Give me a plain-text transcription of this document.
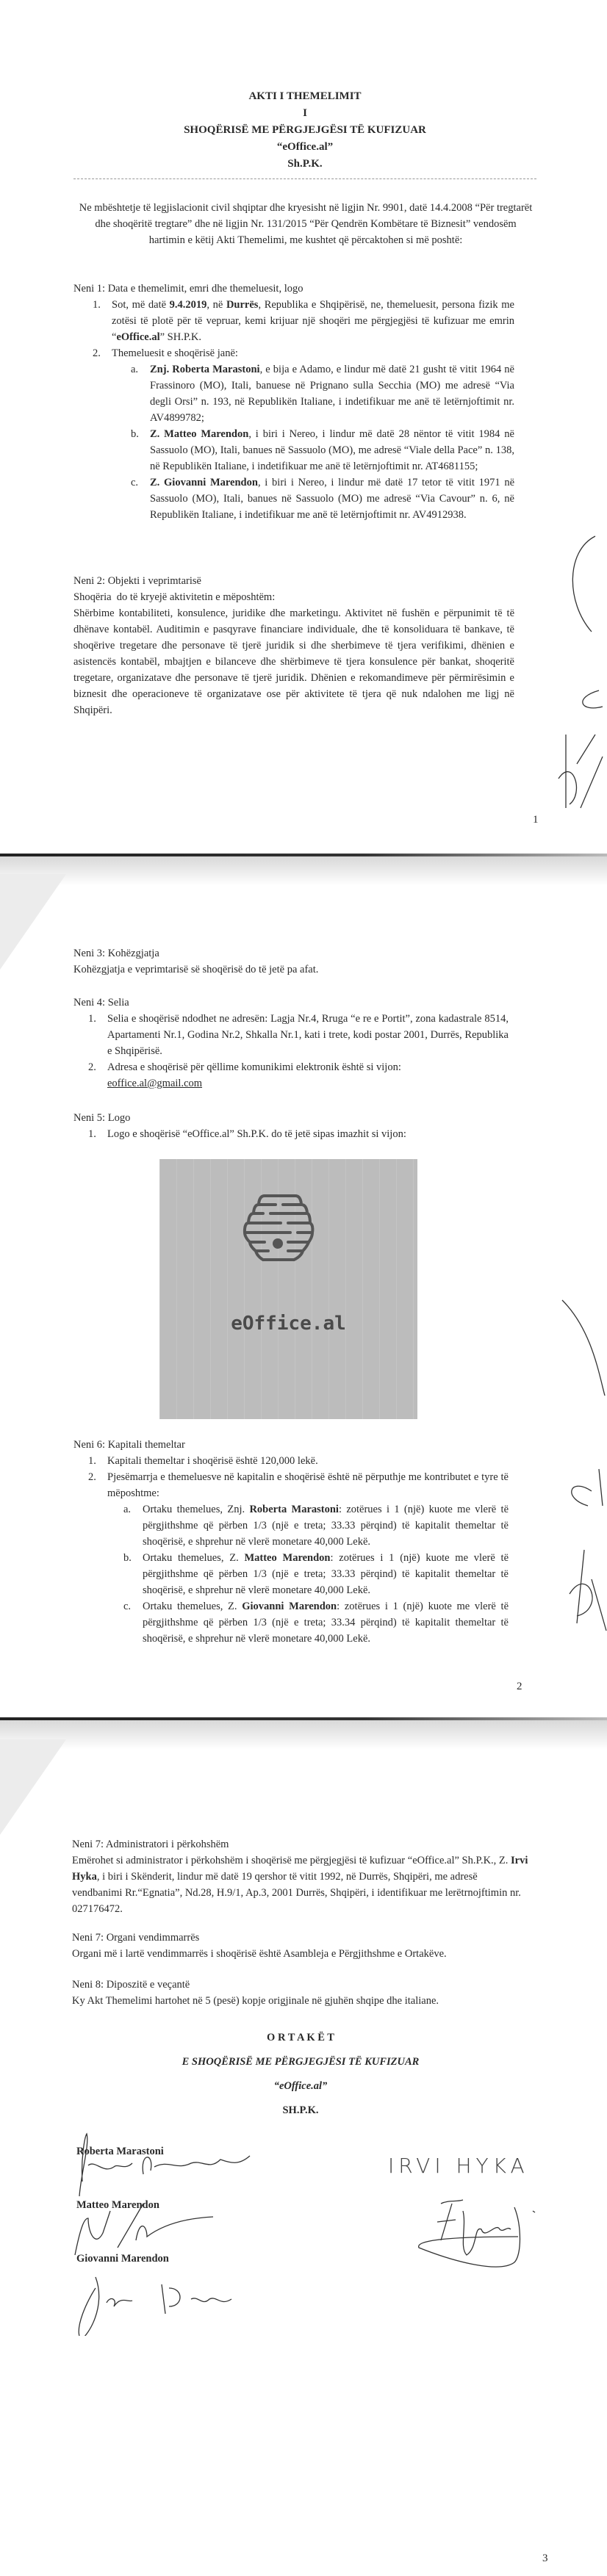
AKTI I THEMELIMIT
I
SHOQËRISË ME PËRGJEJGËSI TË KUFIZUAR
“eOffice.al”
Sh.P.K.
Ne mbështetje të legjislacionit civil shqiptar dhe kryesisht në ligjin Nr. 9901, datë 14.4.2008 “Për tregtarët dhe shoqëritë tregtare” dhe në ligjin Nr. 131/2015 “Për Qendrën Kombëtare të Biznesit” vendosëm hartimin e këtij Akti Themelimi, me kushtet që përcaktohen si më poshtë:
Neni 1: Data e themelimit, emri dhe themeluesit, logo
1. Sot, më datë 9.4.2019, në Durrës, Republika e Shqipërisë, ne, themeluesit, persona fizik me zotësi të plotë për të vepruar, kemi krijuar një shoqëri me përgjegjësi të kufizuar me emrin “eOffice.al” SH.P.K.
2. Themeluesit e shoqërisë janë:
a. Znj. Roberta Marastoni, e bija e Adamo, e lindur më datë 21 gusht të vitit 1964 në Frassinoro (MO), Itali, banuese në Prignano sulla Secchia (MO) me adresë “Via degli Orsi” n. 193, në Republikën Italiane, i indetifikuar me anë të letërnjoftimit nr. AV4899782;
b. Z. Matteo Marendon, i biri i Nereo, i lindur më datë 28 nëntor të vitit 1984 në Sassuolo (MO), Itali, banues në Sassuolo (MO), me adresë “Viale della Pace” n. 138, në Republikën Italiane, i indetifikuar me anë të letërnjoftimit nr. AT4681155;
c. Z. Giovanni Marendon, i biri i Nereo, i lindur më datë 17 tetor të vitit 1971 në Sassuolo (MO), Itali, banues në Sassuolo (MO) me adresë “Via Cavour” n. 6, në Republikën Italiane, i indetifikuar me anë të letërnjoftimit nr. AV4912938.
Neni 2: Objekti i veprimtarisë
Shoqëria  do të kryejë aktivitetin e mëposhtëm:
Shërbime kontabiliteti, konsulence, juridike dhe marketingu. Aktivitet në fushën e përpunimit të të dhënave kontabël. Auditimin e pasqyrave financiare individuale, dhe të konsoliduara të bankave, të shoqërive tregetare dhe personave të tjerë juridik si dhe sherbimeve të tjera verifikimi, dhënien e asistencës kontabël, mbajtjen e bilanceve dhe shërbimeve të tjera konsulence për bankat, shoqeritë tregetare, organizatave dhe personave të tjerë juridik. Dhënien e rekomandimeve për përmirësimin e biznesit dhe operacioneve të organizatave ose për aktivitete të tjera që nuk ndalohen me ligj në Shqipëri.
1
Neni 3: Kohëzgjatja
Kohëzgjatja e veprimtarisë së shoqërisë do të jetë pa afat.
Neni 4: Selia
1. Selia e shoqërisë ndodhet ne adresën: Lagja Nr.4, Rruga “e re e Portit”, zona kadastrale 8514, Apartamenti Nr.1, Godina Nr.2, Shkalla Nr.1, kati i trete, kodi postar 2001, Durrës, Republika e Shqipërisë.
2. Adresa e shoqërisë për qëllime komunikimi elektronik është si vijon:
eoffice.al@gmail.com
Neni 5: Logo
1. Logo e shoqërisë “eOffice.al” Sh.P.K. do të jetë sipas imazhit si vijon:
eOffice.al
Neni 6: Kapitali themeltar
1. Kapitali themeltar i shoqërisë është 120,000 lekë.
2. Pjesëmarrja e themeluesve në kapitalin e shoqërisë është në përputhje me kontributet e tyre të mëposhtme:
a. Ortaku themelues, Znj. Roberta Marastoni: zotërues i 1 (një) kuote me vlerë të përgjithshme që përben 1/3 (një e treta; 33.33 përqind) të kapitalit themeltar të shoqërisë, e shprehur në vlerë monetare 40,000 Lekë.
b. Ortaku themelues, Z. Matteo Marendon: zotërues i 1 (një) kuote me vlerë të përgjithshme që përben 1/3 (një e treta; 33.33 përqind) të kapitalit themeltar të shoqërisë, e shprehur në vlerë monetare 40,000 Lekë.
c. Ortaku themelues, Z. Giovanni Marendon: zotërues i 1 (një) kuote me vlerë të përgjithshme që përben 1/3 (një e treta; 33.34 përqind) të kapitalit themeltar të shoqërisë, e shprehur në vlerë monetare 40,000 Lekë.
2
Neni 7: Administratori i përkohshëm
Emërohet si administrator i përkohshëm i shoqërisë me përgjegjësi të kufizuar “eOffice.al” Sh.P.K., Z. Irvi Hyka, i biri i Skënderit, lindur më datë 19 qershor të vitit 1992, në Durrës, Shqipëri, me adresë vendbanimi Rr.“Egnatia”, Nd.28, H.9/1, Ap.3, 2001 Durrës, Shqipëri, i identifikuar me lerëtrnojftimin nr. 027176472.
Neni 7: Organi vendimmarrës
Organi më i lartë vendimmarrës i shoqërisë është Asambleja e Përgjithshme e Ortakëve.
Neni 8: Diposzitë e veçantë
Ky Akt Themelimi hartohet në 5 (pesë) kopje origjinale në gjuhën shqipe dhe italiane.
O R T A K Ë T
E SHOQËRISË ME PËRGJEGJËSI TË KUFIZUAR
“eOffice.al”
SH.P.K.
Roberta Marastoni
Matteo Marendon
Giovanni Marendon
IRVI HYKA
3
